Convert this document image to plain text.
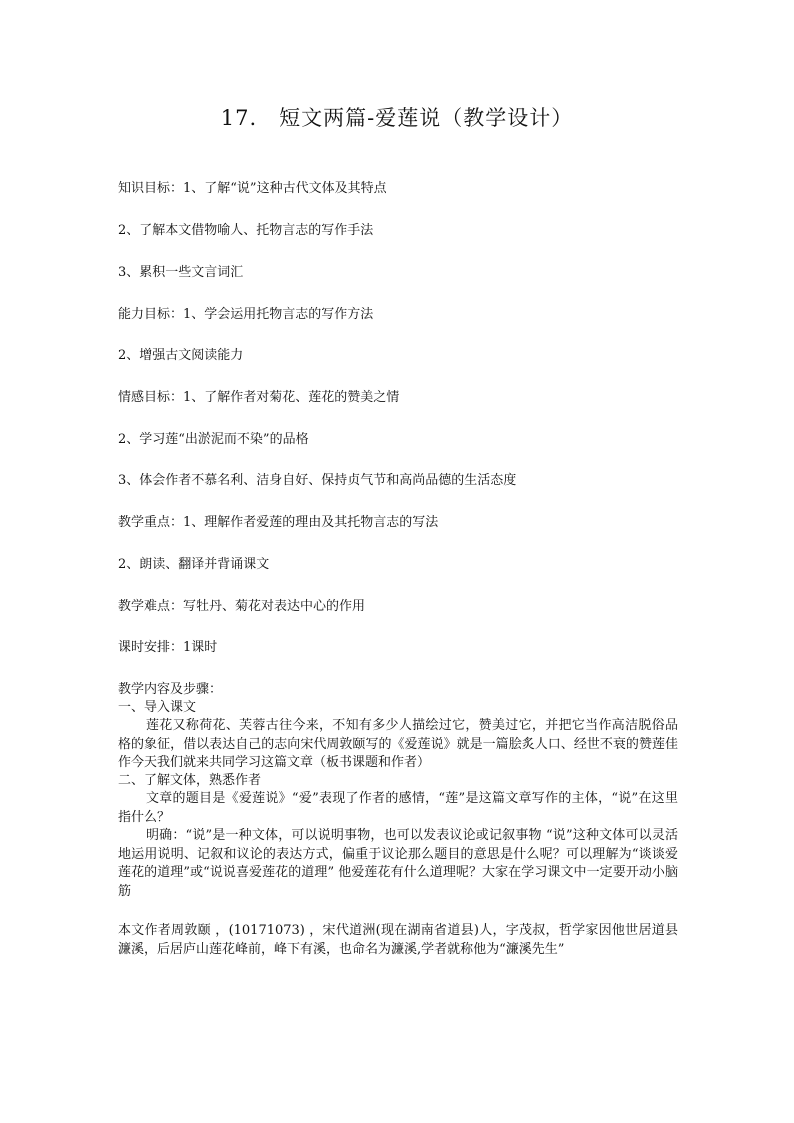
17.　短文两篇-爱莲说（教学设计）
知识目标：1、了解“说”这种古代文体及其特点
2、了解本文借物喻人、托物言志的写作手法
3、累积一些文言词汇
能力目标：1、学会运用托物言志的写作方法
2、增强古文阅读能力
情感目标：1、了解作者对菊花、莲花的赞美之情
2、学习莲“出淤泥而不染”的品格
3、体会作者不慕名利、洁身自好、保持贞气节和高尚品德的生活态度
教学重点：1、理解作者爱莲的理由及其托物言志的写法
2、朗读、翻译并背诵课文
教学难点：写牡丹、菊花对表达中心的作用
课时安排：1课时
教学内容及步骤：
一、导入课文
莲花又称荷花、芙蓉古往今来，不知有多少人描绘过它，赞美过它，并把它当作高洁脱俗品格的象征，借以表达自己的志向宋代周敦颐写的《爱莲说》就是一篇脍炙人口、经世不衰的赞莲佳作今天我们就来共同学习这篇文章（板书课题和作者）
二、了解文体，熟悉作者
文章的题目是《爱莲说》“爱”表现了作者的感情，“莲”是这篇文章写作的主体，“说”在这里指什么？
明确：“说”是一种文体，可以说明事物，也可以发表议论或记叙事物 “说”这种文体可以灵活地运用说明、记叙和议论的表达方式，偏重于议论那么题目的意思是什么呢？可以理解为“谈谈爱莲花的道理”或“说说喜爱莲花的道理” 他爱莲花有什么道理呢？大家在学习课文中一定要开动小脑筋
本文作者周敦颐 ，(10171073) ，宋代道洲(现在湖南省道县)人，字茂叔，哲学家因他世居道县濂溪，后居庐山莲花峰前，峰下有溪，也命名为濂溪,学者就称他为“濂溪先生”
